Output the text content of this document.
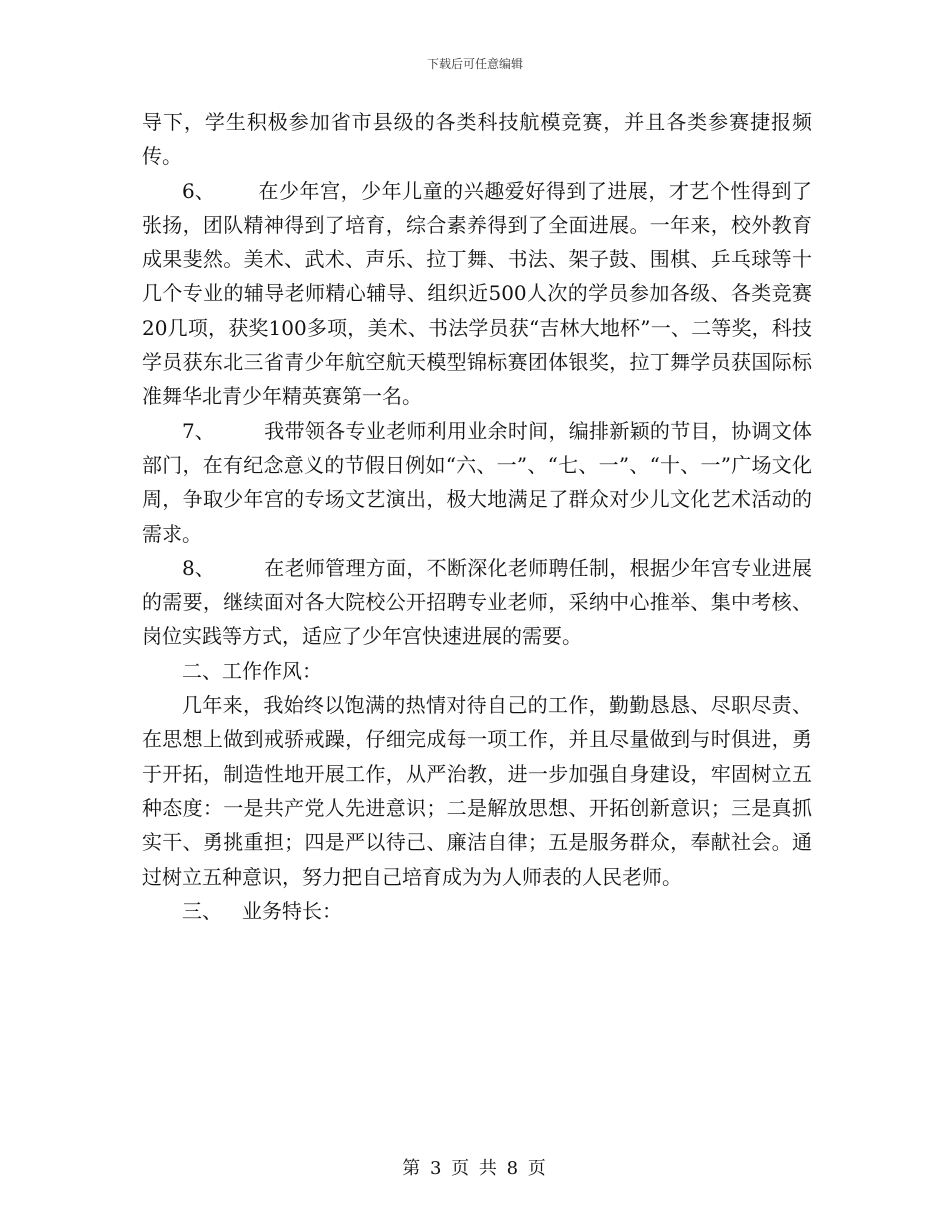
下载后可任意编辑

导下，学生积极参加省市县级的各类科技航模竞赛，并且各类参赛捷报频传。

6、 在少年宫，少年儿童的兴趣爱好得到了进展，才艺个性得到了张扬，团队精神得到了培育，综合素养得到了全面进展。一年来，校外教育成果斐然。美术、武术、声乐、拉丁舞、书法、架子鼓、围棋、乒乓球等十几个专业的辅导老师精心辅导、组织近500人次的学员参加各级、各类竞赛20几项，获奖100多项，美术、书法学员获“吉林大地杯”一、二等奖，科技学员获东北三省青少年航空航天模型锦标赛团体银奖，拉丁舞学员获国际标准舞华北青少年精英赛第一名。

7、 我带领各专业老师利用业余时间，编排新颖的节目，协调文体部门，在有纪念意义的节假日例如“六、一”、“七、一”、“十、一”广场文化周，争取少年宫的专场文艺演出，极大地满足了群众对少儿文化艺术活动的需求。

8、 在老师管理方面，不断深化老师聘任制，根据少年宫专业进展的需要，继续面对各大院校公开招聘专业老师，采纳中心推举、集中考核、岗位实践等方式，适应了少年宫快速进展的需要。

二、工作作风：

几年来，我始终以饱满的热情对待自己的工作，勤勤恳恳、尽职尽责、在思想上做到戒骄戒躁，仔细完成每一项工作，并且尽量做到与时俱进，勇于开拓，制造性地开展工作，从严治教，进一步加强自身建设，牢固树立五种态度：一是共产党人先进意识；二是解放思想、开拓创新意识；三是真抓实干、勇挑重担；四是严以待己、廉洁自律；五是服务群众，奉献社会。通过树立五种意识，努力把自己培育成为为人师表的人民老师。

三、 业务特长：

第 3 页 共 8 页
